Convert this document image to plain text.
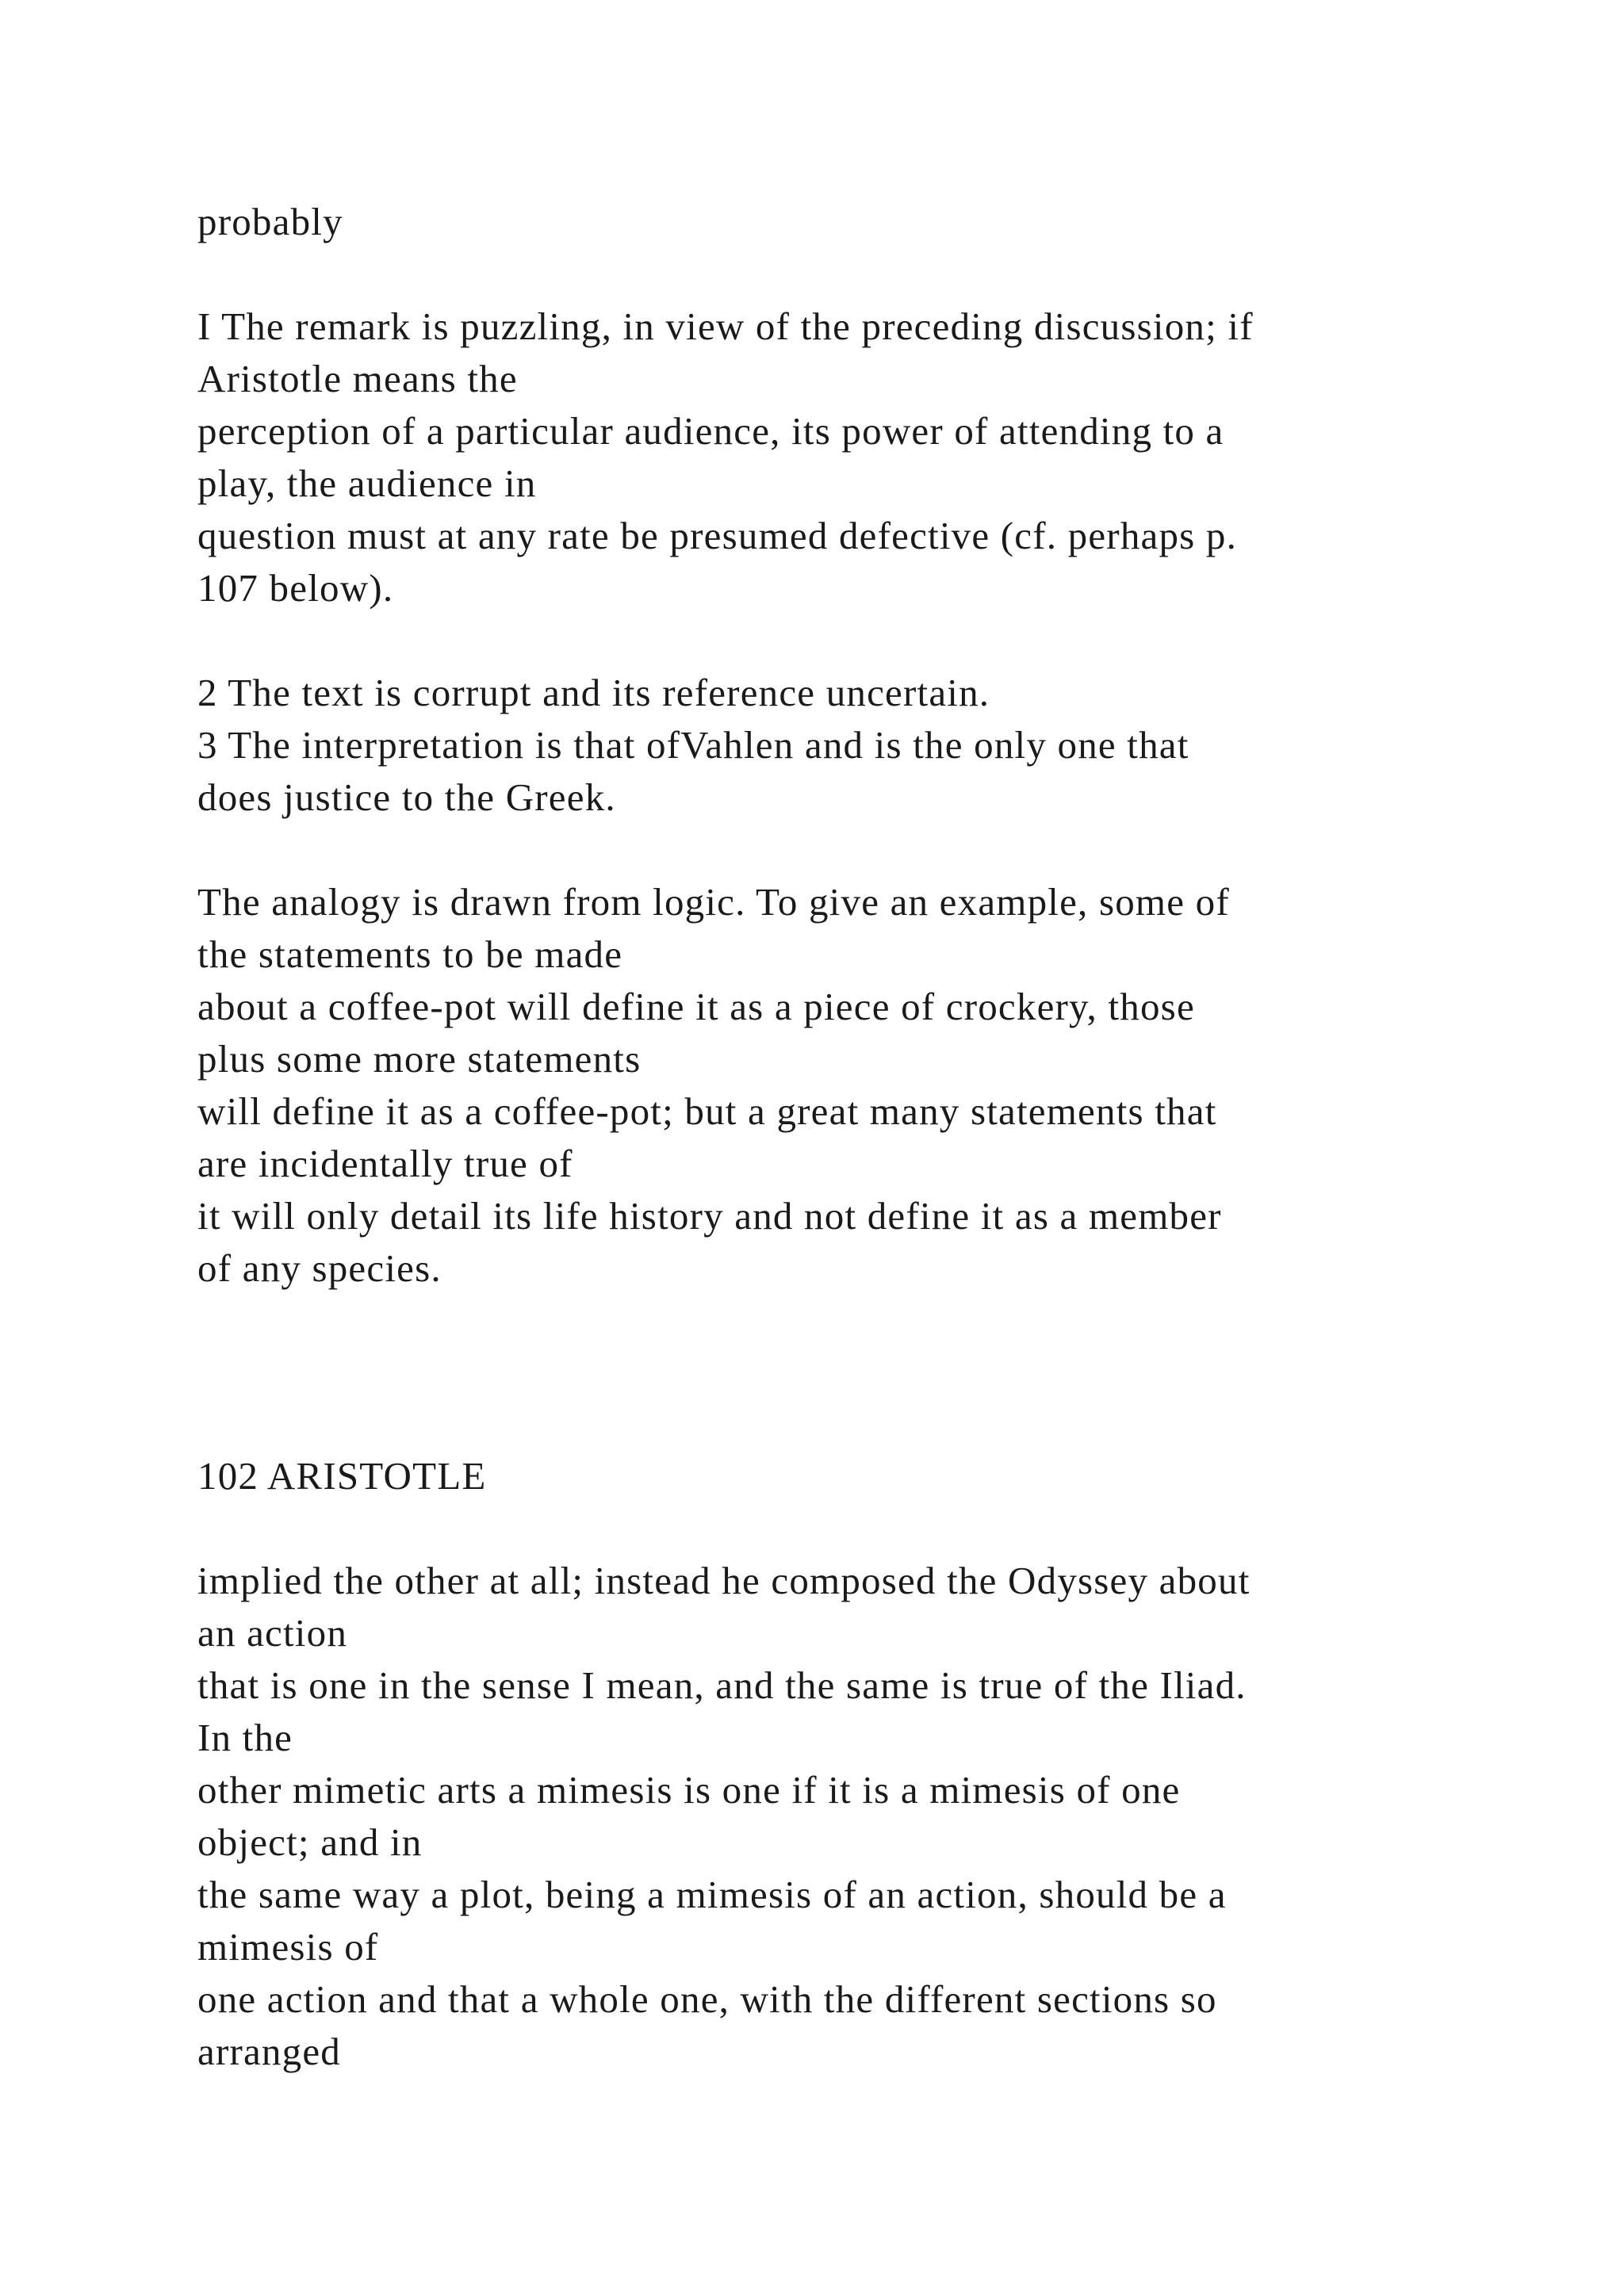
probably

I The remark is puzzling, in view of the preceding discussion; if

Aristotle means the

perception of a particular audience, its power of attending to a

play, the audience in

question must at any rate be presumed defective (cf. perhaps p.

107 below).

2 The text is corrupt and its reference uncertain.

3 The interpretation is that ofVahlen and is the only one that

does justice to the Greek.

The analogy is drawn from logic. To give an example, some of

the statements to be made

about a coffee-pot will define it as a piece of crockery, those

plus some more statements

will define it as a coffee-pot; but a great many statements that

are incidentally true of

it will only detail its life history and not define it as a member

of any species.

102 ARISTOTLE

implied the other at all; instead he composed the Odyssey about

an action

that is one in the sense I mean, and the same is true of the Iliad.

In the

other mimetic arts a mimesis is one if it is a mimesis of one

object; and in

the same way a plot, being a mimesis of an action, should be a

mimesis of

one action and that a whole one, with the different sections so

arranged
